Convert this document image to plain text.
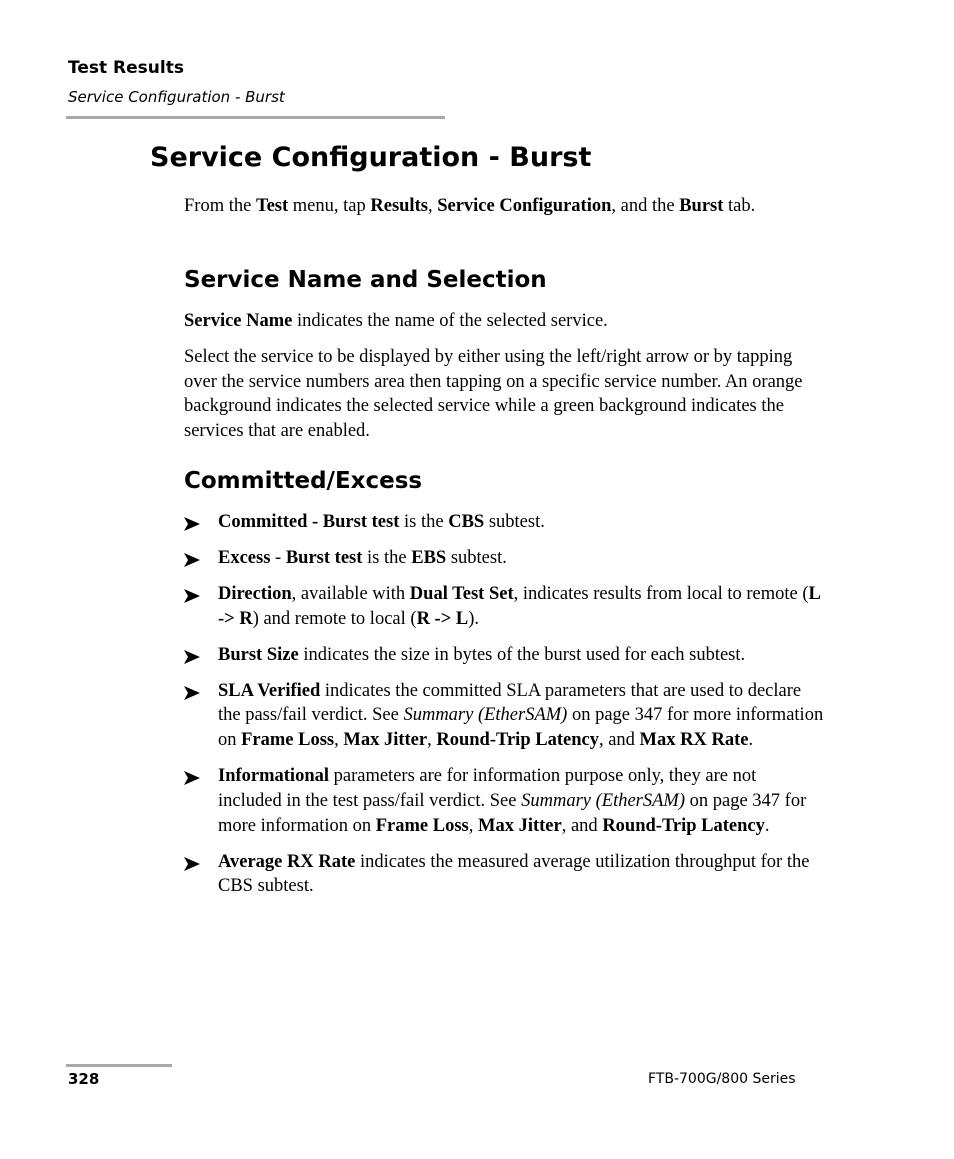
Test Results
Service Configuration - Burst
Service Configuration - Burst

From the Test menu, tap Results, Service Configuration, and the Burst tab.

Service Name and Selection

Service Name indicates the name of the selected service.

Select the service to be displayed by either using the left/right arrow or by tapping over the service numbers area then tapping on a specific service number. An orange background indicates the selected service while a green background indicates the services that are enabled.

Committed/Excess
Committed - Burst test is the CBS subtest.
Excess - Burst test is the EBS subtest.
Direction, available with Dual Test Set, indicates results from local to remote (L -> R) and remote to local (R -> L).
Burst Size indicates the size in bytes of the burst used for each subtest.
SLA Verified indicates the committed SLA parameters that are used to declare the pass/fail verdict. See Summary (EtherSAM) on page 347 for more information on Frame Loss, Max Jitter, Round-Trip Latency, and Max RX Rate.
Informational parameters are for information purpose only, they are not included in the test pass/fail verdict. See Summary (EtherSAM) on page 347 for more information on Frame Loss, Max Jitter, and Round-Trip Latency.
Average RX Rate indicates the measured average utilization throughput for the CBS subtest.
328	FTB-700G/800 Series
